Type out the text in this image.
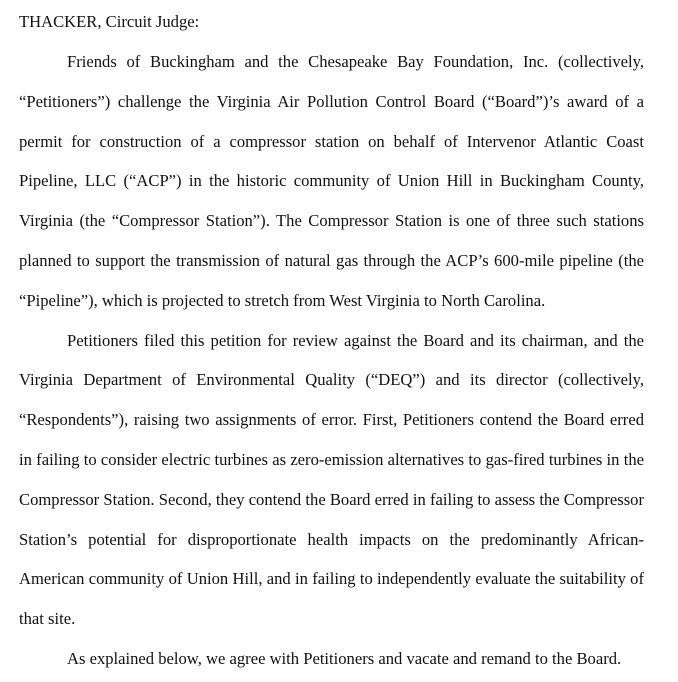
THACKER, Circuit Judge:

Friends of Buckingham and the Chesapeake Bay Foundation, Inc. (collectively, “Petitioners”) challenge the Virginia Air Pollution Control Board (“Board”)’s award of a permit for construction of a compressor station on behalf of Intervenor Atlantic Coast Pipeline, LLC (“ACP”) in the historic community of Union Hill in Buckingham County, Virginia (the “Compressor Station”). The Compressor Station is one of three such stations planned to support the transmission of natural gas through the ACP’s 600-mile pipeline (the “Pipeline”), which is projected to stretch from West Virginia to North Carolina.

Petitioners filed this petition for review against the Board and its chairman, and the Virginia Department of Environmental Quality (“DEQ”) and its director (collectively, “Respondents”), raising two assignments of error. First, Petitioners contend the Board erred in failing to consider electric turbines as zero-emission alternatives to gas-fired turbines in the Compressor Station. Second, they contend the Board erred in failing to assess the Compressor Station’s potential for disproportionate health impacts on the predominantly African-American community of Union Hill, and in failing to independently evaluate the suitability of that site.

As explained below, we agree with Petitioners and vacate and remand to the Board.
